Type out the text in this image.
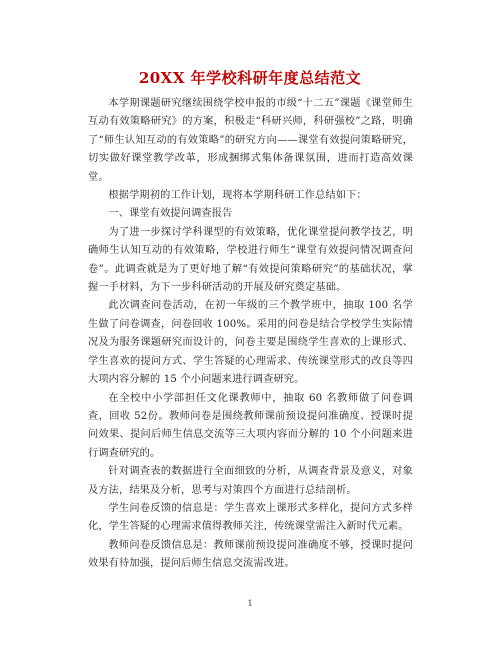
20XX 年学校科研年度总结范文

本学期课题研究继续围绕学校申报的市级“十二五”课题《课堂师生互动有效策略研究》的方案，积极走“科研兴师，科研强校”之路，明确了“师生认知互动的有效策略”的研究方向——课堂有效提问策略研究，切实做好课堂教学改革，形成捆绑式集体备课氛围，进而打造高效课堂。

根据学期初的工作计划，现将本学期科研工作总结如下：

一、课堂有效提问调查报告

为了进一步探讨学科课型的有效策略，优化课堂提问教学技艺，明确师生认知互动的有效策略，学校进行师生“课堂有效提问情况调查问卷”。此调查就是为了更好地了解“有效提问策略研究”的基础状况，掌握一手材料，为下一步科研活动的开展及研究奠定基础。

此次调查问卷活动，在初一年级的三个教学班中，抽取 100 名学生做了问卷调查，问卷回收 100%。采用的问卷是结合学校学生实际情况及为服务课题研究而设计的，问卷主要是围绕学生喜欢的上课形式、学生喜欢的提问方式、学生答疑的心理需求、传统课堂形式的改良等四大项内容分解的 15 个小问题来进行调查研究。

在全校中小学部担任文化课教师中，抽取 60 名教师做了问卷调查，回收 52份。教师问卷是围绕教师课前预设提问准确度、授课时提问效果、提问后师生信息交流等三大项内容而分解的 10 个小问题来进行调查研究的。

针对调查表的数据进行全面细致的分析，从调查背景及意义，对象及方法，结果及分析，思考与对策四个方面进行总结剖析。

学生问卷反馈的信息是：学生喜欢上课形式多样化，提问方式多样化，学生答疑的心理需求值得教师关注，传统课堂需注入新时代元素。

教师问卷反馈信息是：教师课前预设提问准确度不够，授课时提问效果有待加强，提问后师生信息交流需改进。

1
